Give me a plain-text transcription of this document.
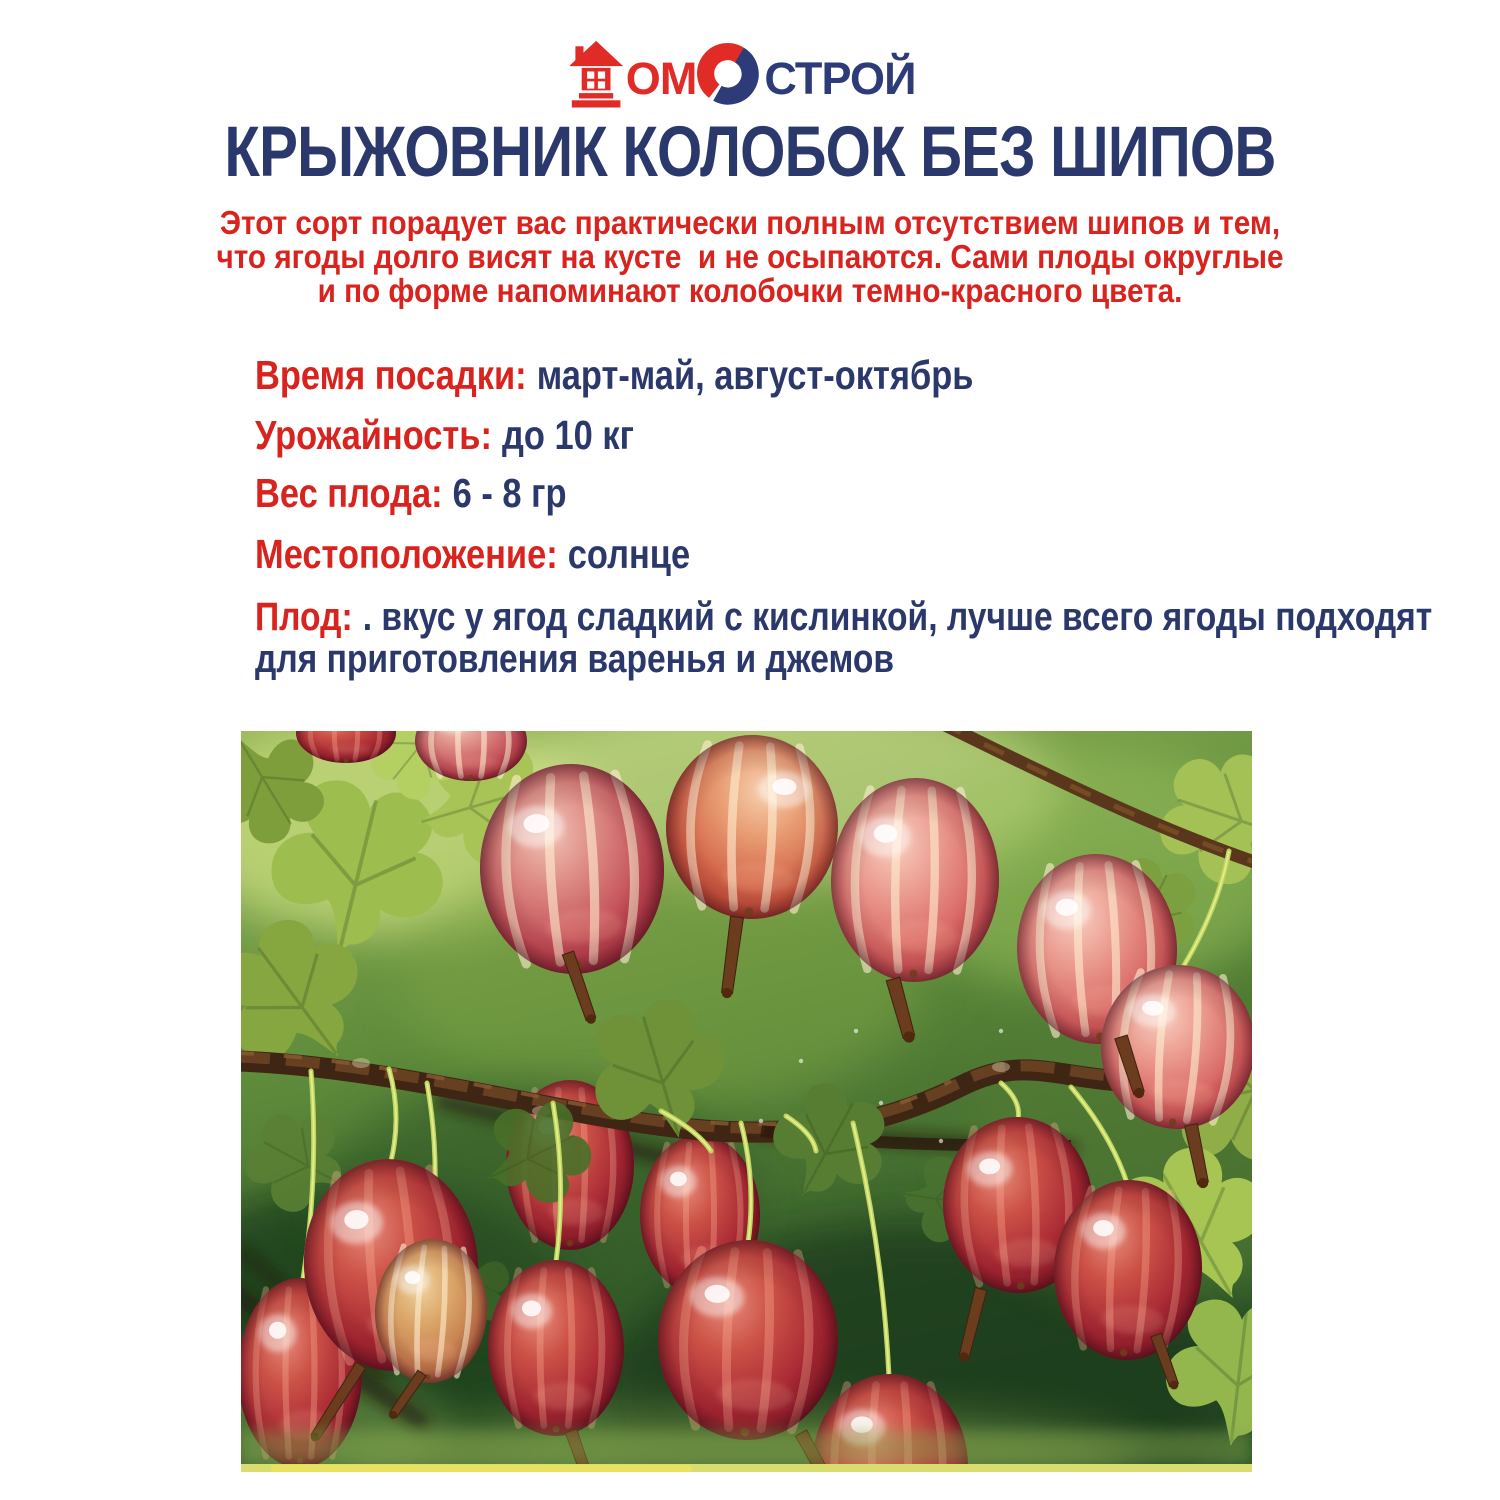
ОМ СТРОЙ
КРЫЖОВНИК КОЛОБОК БЕЗ ШИПОВ
Этот сорт порадует вас практически полным отсутствием шипов и тем,
что ягоды долго висят на кусте  и не осыпаются. Сами плоды округлые
и по форме напоминают колобочки темно-красного цвета.
Время посадки: март-май, август-октябрь
Урожайность: до 10 кг
Вес плода: 6 - 8 гр
Местоположение: солнце
Плод: . вкус у ягод сладкий с кислинкой, лучше всего ягоды подходят
для приготовления варенья и джемов
